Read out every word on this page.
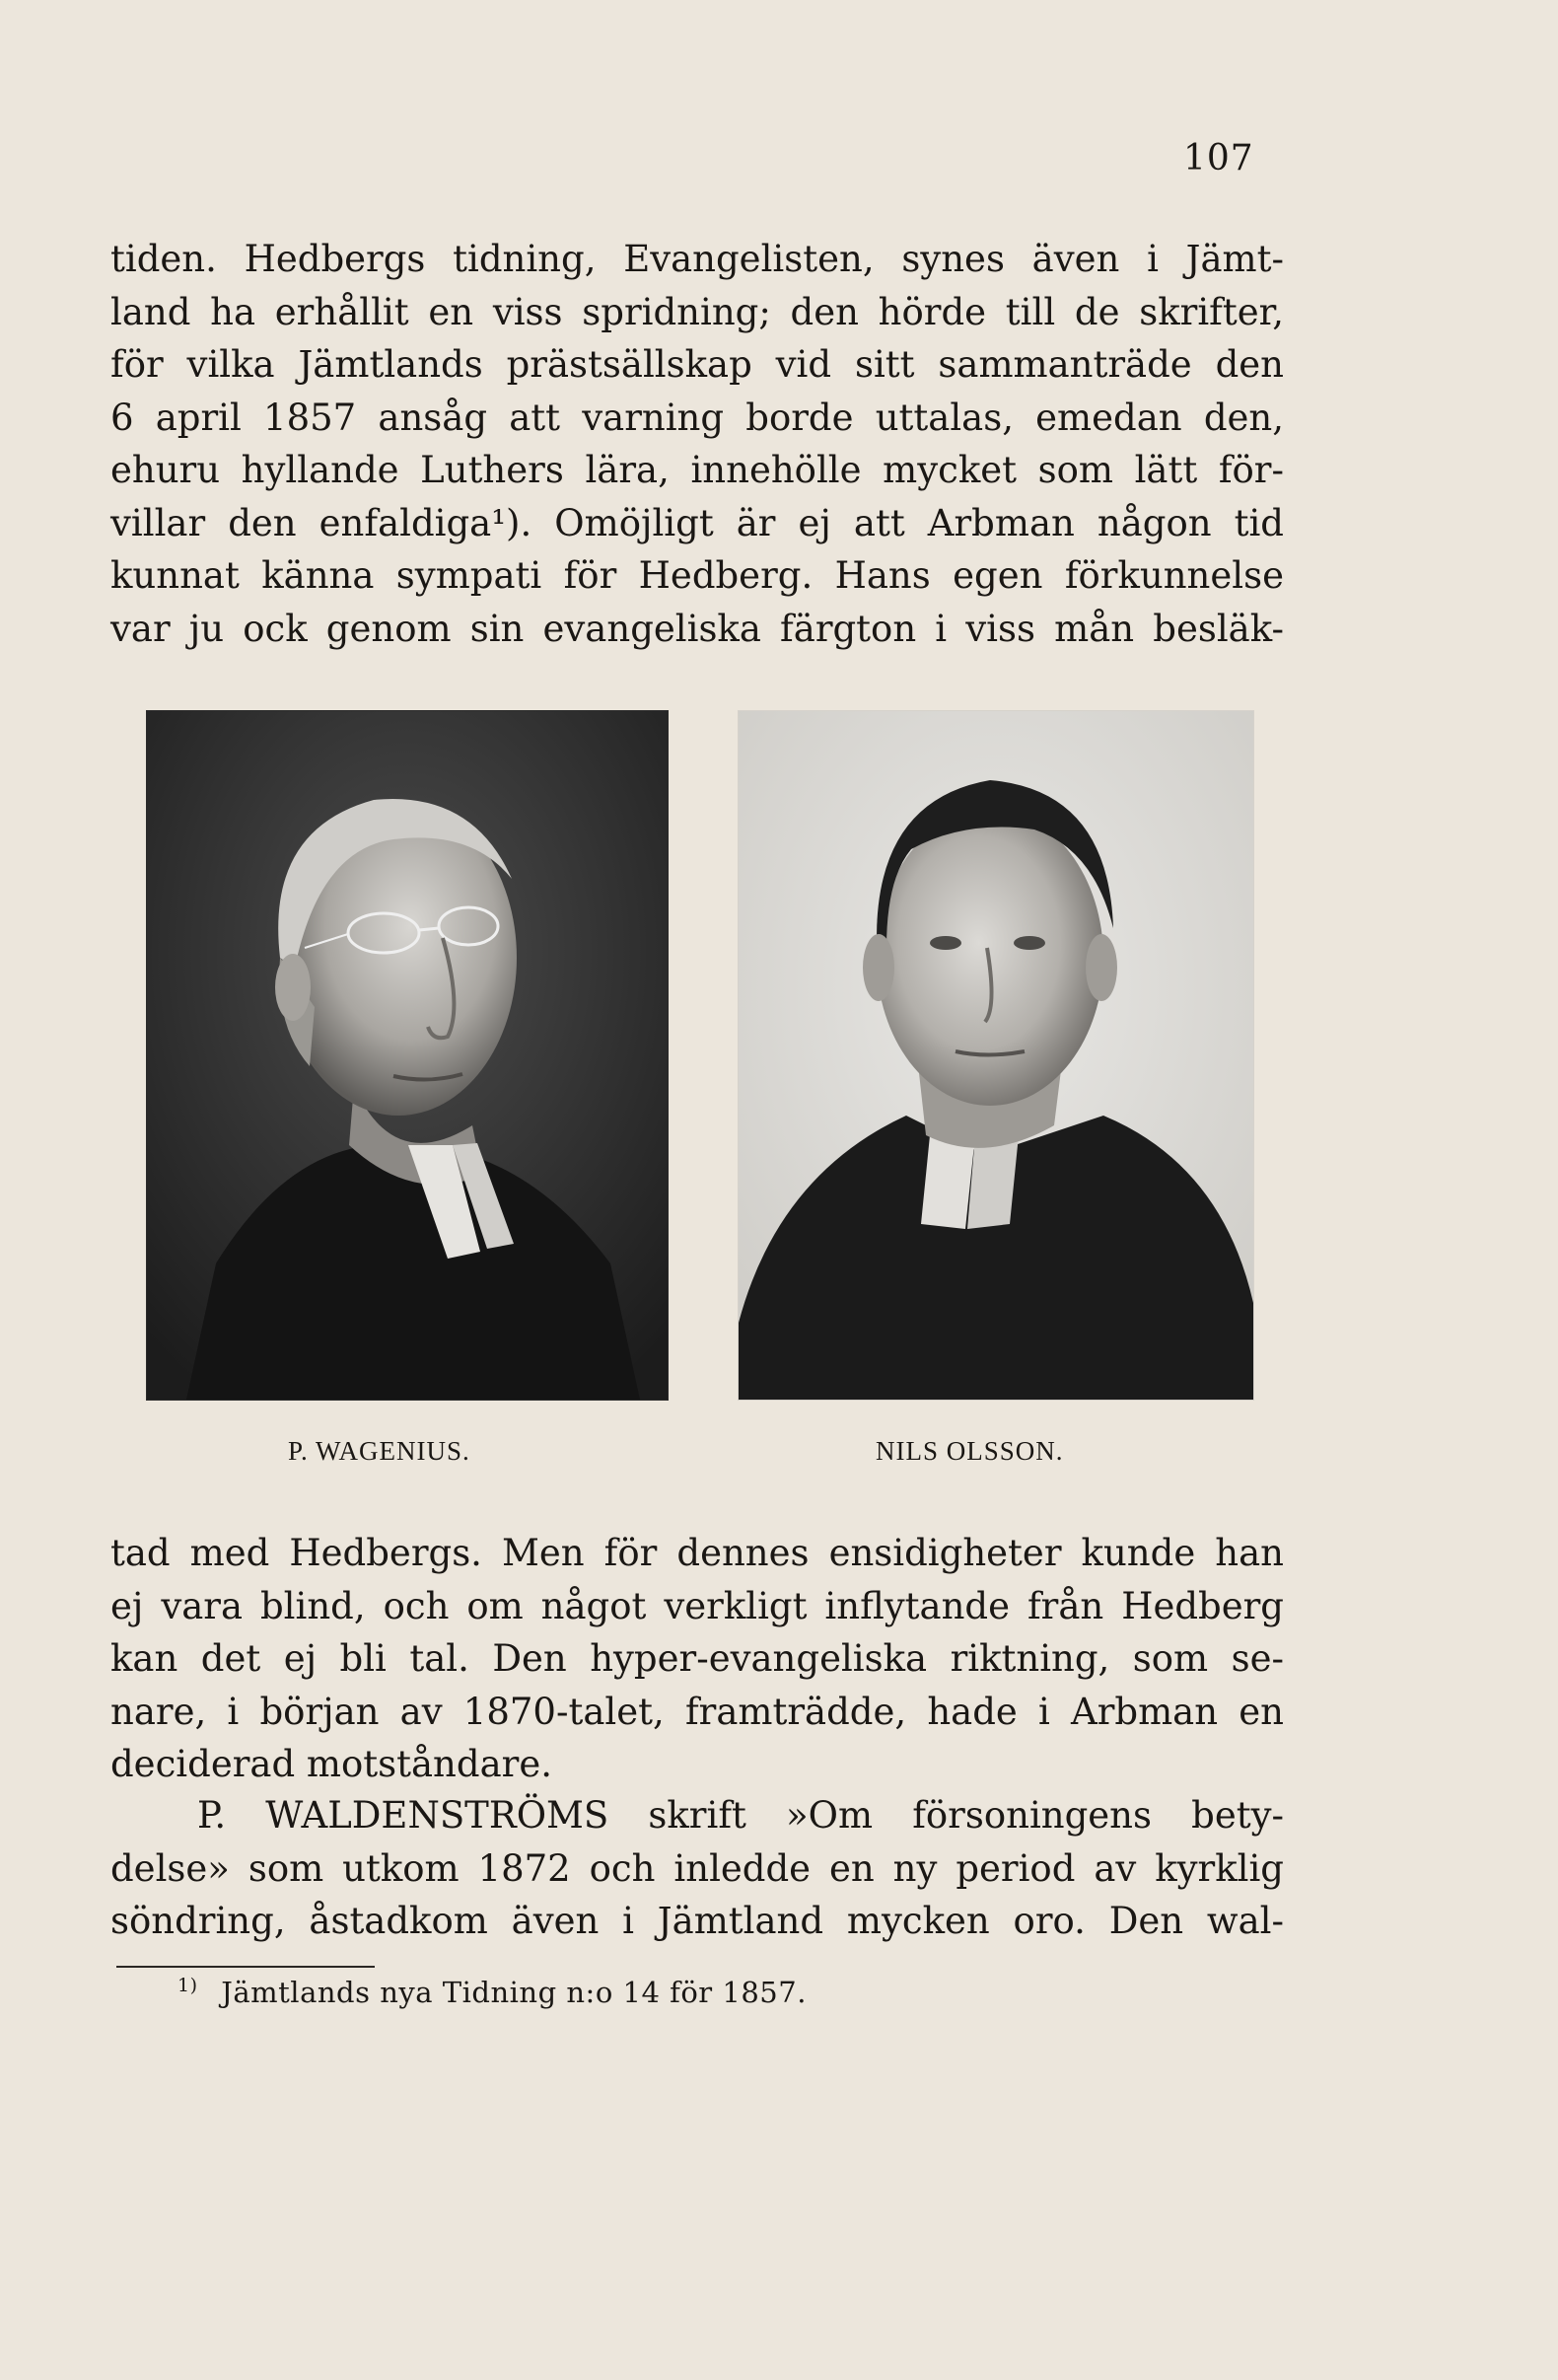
107
tiden. Hedbergs tidning, Evangelisten, synes även i Jämt-
land ha erhållit en viss spridning; den hörde till de skrifter,
för vilka Jämtlands prästsällskap vid sitt sammanträde den
6 april 1857 ansåg att varning borde uttalas, emedan den,
ehuru hyllande Luthers lära, innehölle mycket som lätt för-
villar den enfaldiga¹). Omöjligt är ej att Arbman någon tid
kunnat känna sympati för Hedberg. Hans egen förkunnelse
var ju ock genom sin evangeliska färgton i viss mån besläk-
P. WAGENIUS.	NILS OLSSON.
tad med Hedbergs. Men för dennes ensidigheter kunde han
ej vara blind, och om något verkligt inflytande från Hedberg
kan det ej bli tal. Den hyper-evangeliska riktning, som se-
nare, i början av 1870-talet, framträdde, hade i Arbman en
deciderad motståndare.
P. WALDENSTRÖMS skrift »Om försoningens bety-
delse» som utkom 1872 och inledde en ny period av kyrklig
söndring, åstadkom även i Jämtland mycken oro. Den wal-
$^{1)}$ Jämtlands nya Tidning n:o 14 för 1857.
